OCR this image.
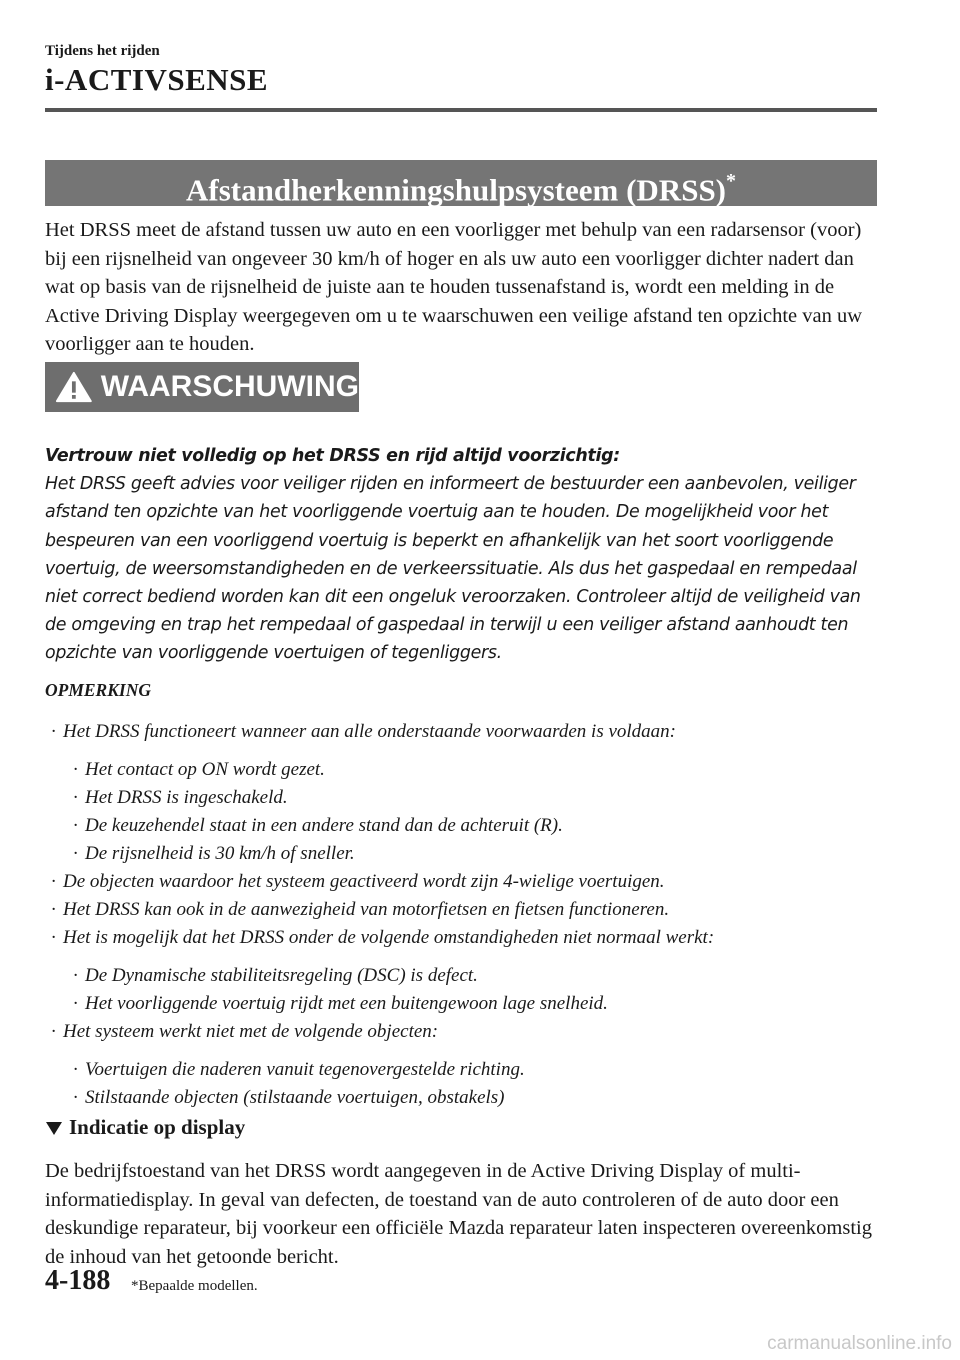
Tijdens het rijden
i-ACTIVSENSE
Afstandherkenningshulpsysteem (DRSS)*
Het DRSS meet de afstand tussen uw auto en een voorligger met behulp van een radarsensor (voor) bij een rijsnelheid van ongeveer 30 km/h of hoger en als uw auto een voorligger dichter nadert dan wat op basis van de rijsnelheid de juiste aan te houden tussenafstand is, wordt een melding in de Active Driving Display weergegeven om u te waarschuwen een veilige afstand ten opzichte van uw voorligger aan te houden.
WAARSCHUWING
Vertrouw niet volledig op het DRSS en rijd altijd voorzichtig:
Het DRSS geeft advies voor veiliger rijden en informeert de bestuurder een aanbevolen, veiliger afstand ten opzichte van het voorliggende voertuig aan te houden. De mogelijkheid voor het bespeuren van een voorliggend voertuig is beperkt en afhankelijk van het soort voorliggende voertuig, de weersomstandigheden en de verkeerssituatie. Als dus het gaspedaal en rempedaal niet correct bediend worden kan dit een ongeluk veroorzaken. Controleer altijd de veiligheid van de omgeving en trap het rempedaal of gaspedaal in terwijl u een veiliger afstand aanhoudt ten opzichte van voorliggende voertuigen of tegenliggers.
OPMERKING
· Het DRSS functioneert wanneer aan alle onderstaande voorwaarden is voldaan:
· Het contact op ON wordt gezet.
· Het DRSS is ingeschakeld.
· De keuzehendel staat in een andere stand dan de achteruit (R).
· De rijsnelheid is 30 km/h of sneller.
· De objecten waardoor het systeem geactiveerd wordt zijn 4-wielige voertuigen.
· Het DRSS kan ook in de aanwezigheid van motorfietsen en fietsen functioneren.
· Het is mogelijk dat het DRSS onder de volgende omstandigheden niet normaal werkt:
· De Dynamische stabiliteitsregeling (DSC) is defect.
· Het voorliggende voertuig rijdt met een buitengewoon lage snelheid.
· Het systeem werkt niet met de volgende objecten:
· Voertuigen die naderen vanuit tegenovergestelde richting.
· Stilstaande objecten (stilstaande voertuigen, obstakels)
Indicatie op display
De bedrijfstoestand van het DRSS wordt aangegeven in de Active Driving Display of multi-informatiedisplay. In geval van defecten, de toestand van de auto controleren of de auto door een deskundige reparateur, bij voorkeur een officiële Mazda reparateur laten inspecteren overeenkomstig de inhoud van het getoonde bericht.
4-188 *Bepaalde modellen.
carmanualsonline.info
